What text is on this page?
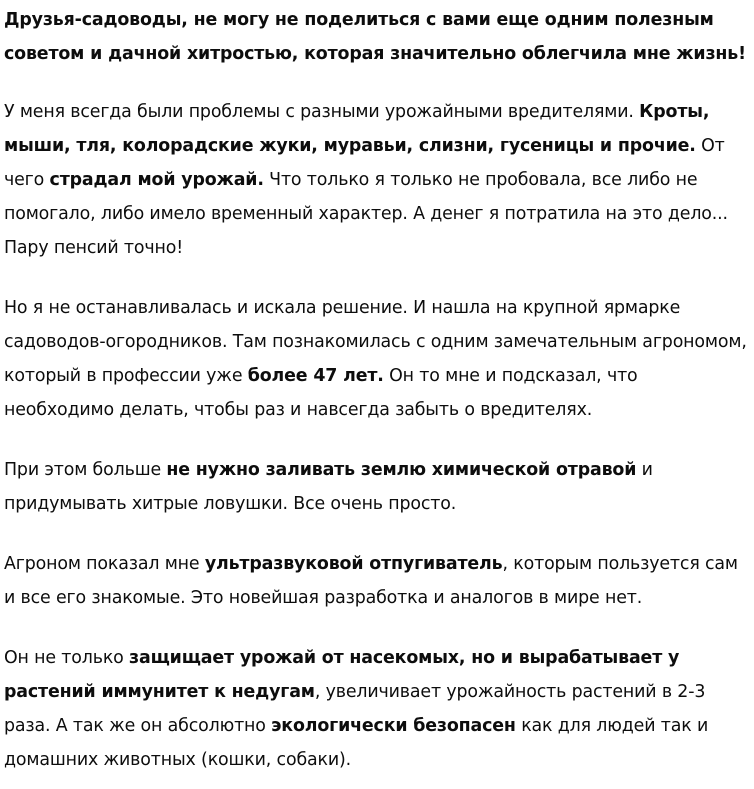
Друзья-садоводы, не могу не поделиться с вами еще одним полезным советом и дачной хитростью, которая значительно облегчила мне жизнь!

У меня всегда были проблемы с разными урожайными вредителями. Кроты, мыши, тля, колорадские жуки, муравьи, слизни, гусеницы и прочие. От чего страдал мой урожай. Что только я только не пробовала, все либо не помогало, либо имело временный характер. А денег я потратила на это дело... Пару пенсий точно!

Но я не останавливалась и искала решение. И нашла на крупной ярмарке садоводов-огородников. Там познакомилась с одним замечательным агрономом, который в профессии уже более 47 лет. Он то мне и подсказал, что необходимо делать, чтобы раз и навсегда забыть о вредителях.

При этом больше не нужно заливать землю химической отравой и придумывать хитрые ловушки. Все очень просто.

Агроном показал мне ультразвуковой отпугиватель, которым пользуется сам и все его знакомые. Это новейшая разработка и аналогов в мире нет.

Он не только защищает урожай от насекомых, но и вырабатывает у растений иммунитет к недугам, увеличивает урожайность растений в 2-3 раза. А так же он абсолютно экологически безопасен как для людей так и домашних животных (кошки, собаки).
